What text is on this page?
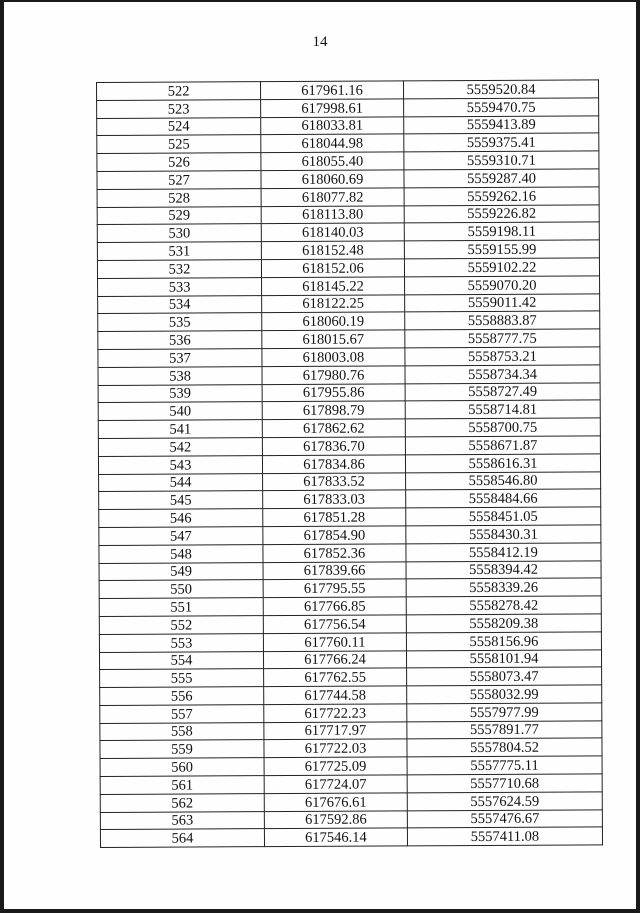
14
522	617961.16	5559520.84
523	617998.61	5559470.75
524	618033.81	5559413.89
525	618044.98	5559375.41
526	618055.40	5559310.71
527	618060.69	5559287.40
528	618077.82	5559262.16
529	618113.80	5559226.82
530	618140.03	5559198.11
531	618152.48	5559155.99
532	618152.06	5559102.22
533	618145.22	5559070.20
534	618122.25	5559011.42
535	618060.19	5558883.87
536	618015.67	5558777.75
537	618003.08	5558753.21
538	617980.76	5558734.34
539	617955.86	5558727.49
540	617898.79	5558714.81
541	617862.62	5558700.75
542	617836.70	5558671.87
543	617834.86	5558616.31
544	617833.52	5558546.80
545	617833.03	5558484.66
546	617851.28	5558451.05
547	617854.90	5558430.31
548	617852.36	5558412.19
549	617839.66	5558394.42
550	617795.55	5558339.26
551	617766.85	5558278.42
552	617756.54	5558209.38
553	617760.11	5558156.96
554	617766.24	5558101.94
555	617762.55	5558073.47
556	617744.58	5558032.99
557	617722.23	5557977.99
558	617717.97	5557891.77
559	617722.03	5557804.52
560	617725.09	5557775.11
561	617724.07	5557710.68
562	617676.61	5557624.59
563	617592.86	5557476.67
564	617546.14	5557411.08
